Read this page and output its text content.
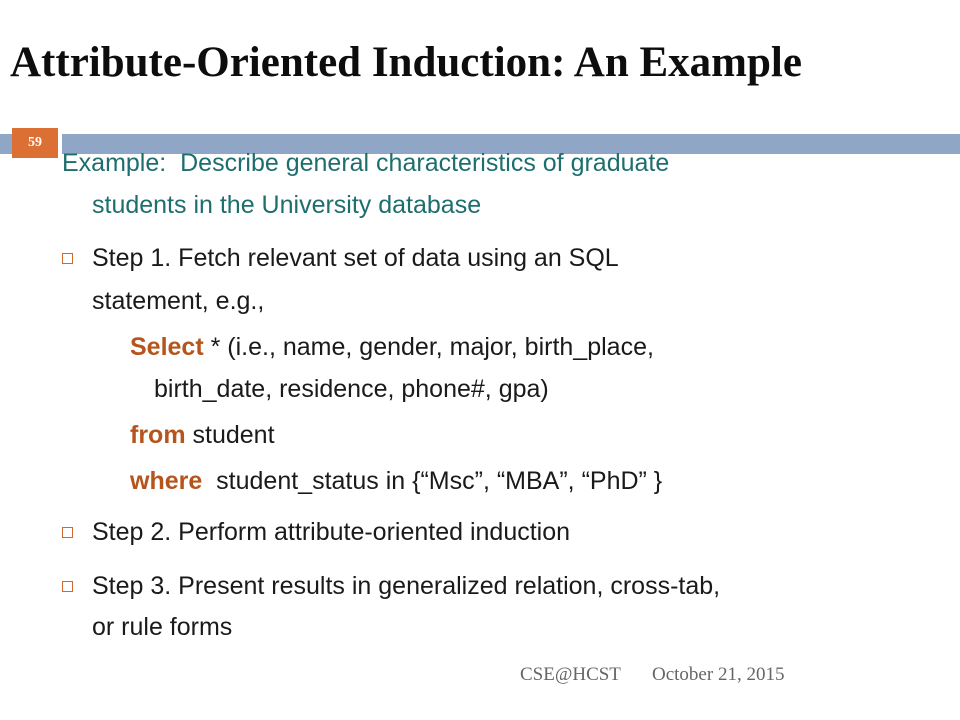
Attribute-Oriented Induction: An Example
59
Example: Describe general characteristics of graduate
students in the University database
Step 1. Fetch relevant set of data using an SQL
statement, e.g.,
Select * (i.e., name, gender, major, birth_place,
birth_date, residence, phone#, gpa)
from student
where student_status in {“Msc”, “MBA”, “PhD” }
Step 2. Perform attribute-oriented induction
Step 3. Present results in generalized relation, cross-tab,
or rule forms
CSE@HCST October 21, 2015
